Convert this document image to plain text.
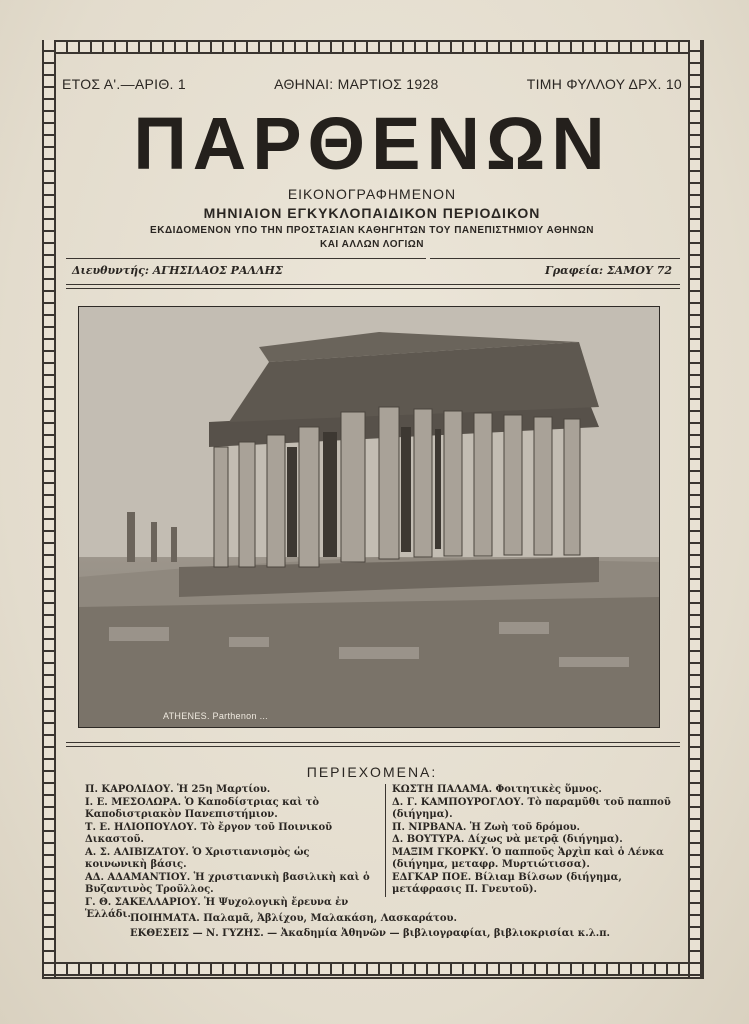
ΕΤΟΣ Α'.—ΑΡΙΘ. 1	ΑΘΗΝΑΙ: ΜΑΡΤΙΟΣ 1928	ΤΙΜΗ ΦΥΛΛΟΥ ΔΡΧ. 10
ΠΑΡΘΕΝΩΝ
ΕΙΚΟΝΟΓΡΑΦΗΜΕΝΟΝ
ΜΗΝΙΑΙΟΝ ΕΓΚΥΚΛΟΠΑΙΔΙΚΟΝ ΠΕΡΙΟΔΙΚΟΝ
ΕΚΔΙΔΟΜΕΝΟΝ ΥΠΟ ΤΗΝ ΠΡΟΣΤΑΣΙΑΝ ΚΑΘΗΓΗΤΩΝ ΤΟΥ ΠΑΝΕΠΙΣΤΗΜΙΟΥ ΑΘΗΝΩΝ
ΚΑΙ ΑΛΛΩΝ ΛΟΓΙΩΝ
Διευθυντής: ΑΓΗΣΙΛΑΟΣ ΡΑΛΛΗΣ	Γραφεία: ΣΑΜΟΥ 72
ATHENES. Parthenon ...
ΠΕΡΙΕΧΟΜΕΝΑ:

Π. ΚΑΡΟΛΙΔΟΥ. Ἡ 25η Μαρτίου.

Ι. Ε. ΜΕΣΟΛΩΡΑ. Ὁ Καποδίστριας καὶ τὸ Καποδιστριακὸν Πανεπιστήμιον.

Τ. Ε. ΗΛΙΟΠΟΥΛΟΥ. Τὸ ἔργον τοῦ Ποινικοῦ Δικαστοῦ.

Α. Σ. ΑΛΙΒΙΖΑΤΟΥ. Ὁ Χριστιανισμὸς ὡς κοινωνικὴ βάσις.

ΑΔ. ΑΔΑΜΑΝΤΙΟΥ. Ἡ χριστιανικὴ βασιλικὴ καὶ ὁ Βυζαντινὸς Τροῦλλος.

Γ. Θ. ΣΑΚΕΛΛΑΡΙΟΥ. Ἡ Ψυχολογικὴ ἔρευνα ἐν Ἑλλάδι.

ΚΩΣΤΗ ΠΑΛΑΜΑ. Φοιτητικὲς ὕμνος.

Δ. Γ. ΚΑΜΠΟΥΡΟΓΛΟΥ. Τὸ παραμῦθι τοῦ παπποῦ (διήγημα).

Π. ΝΙΡΒΑΝΑ. Ἡ Ζωὴ τοῦ δρόμου.

Δ. ΒΟΥΤΥΡΑ. Δίχως νὰ μετρᾷ (διήγημα).

ΜΑΞΙΜ ΓΚΟΡΚΥ. Ὁ παπποῦς Ἀρχὶπ καὶ ὁ Λένκα (διήγημα, μεταφρ. Μυρτιώτισσα).

ΕΔΓΚΑΡ ΠΟΕ. Βίλιαμ Βίλσων (διήγημα, μετάφρασις Π. Γνευτοῦ).

ΠΟΙΗΜΑΤΑ. Παλαμᾶ, Ἀβλίχου, Μαλακάση, Λασκαράτου.
ΕΚΘΕΣΕΙΣ — Ν. ΓΥΖΗΣ. — Ἀκαδημία Ἀθηνῶν — βιβλιογραφίαι, βιβλιοκρισίαι κ.λ.π.
